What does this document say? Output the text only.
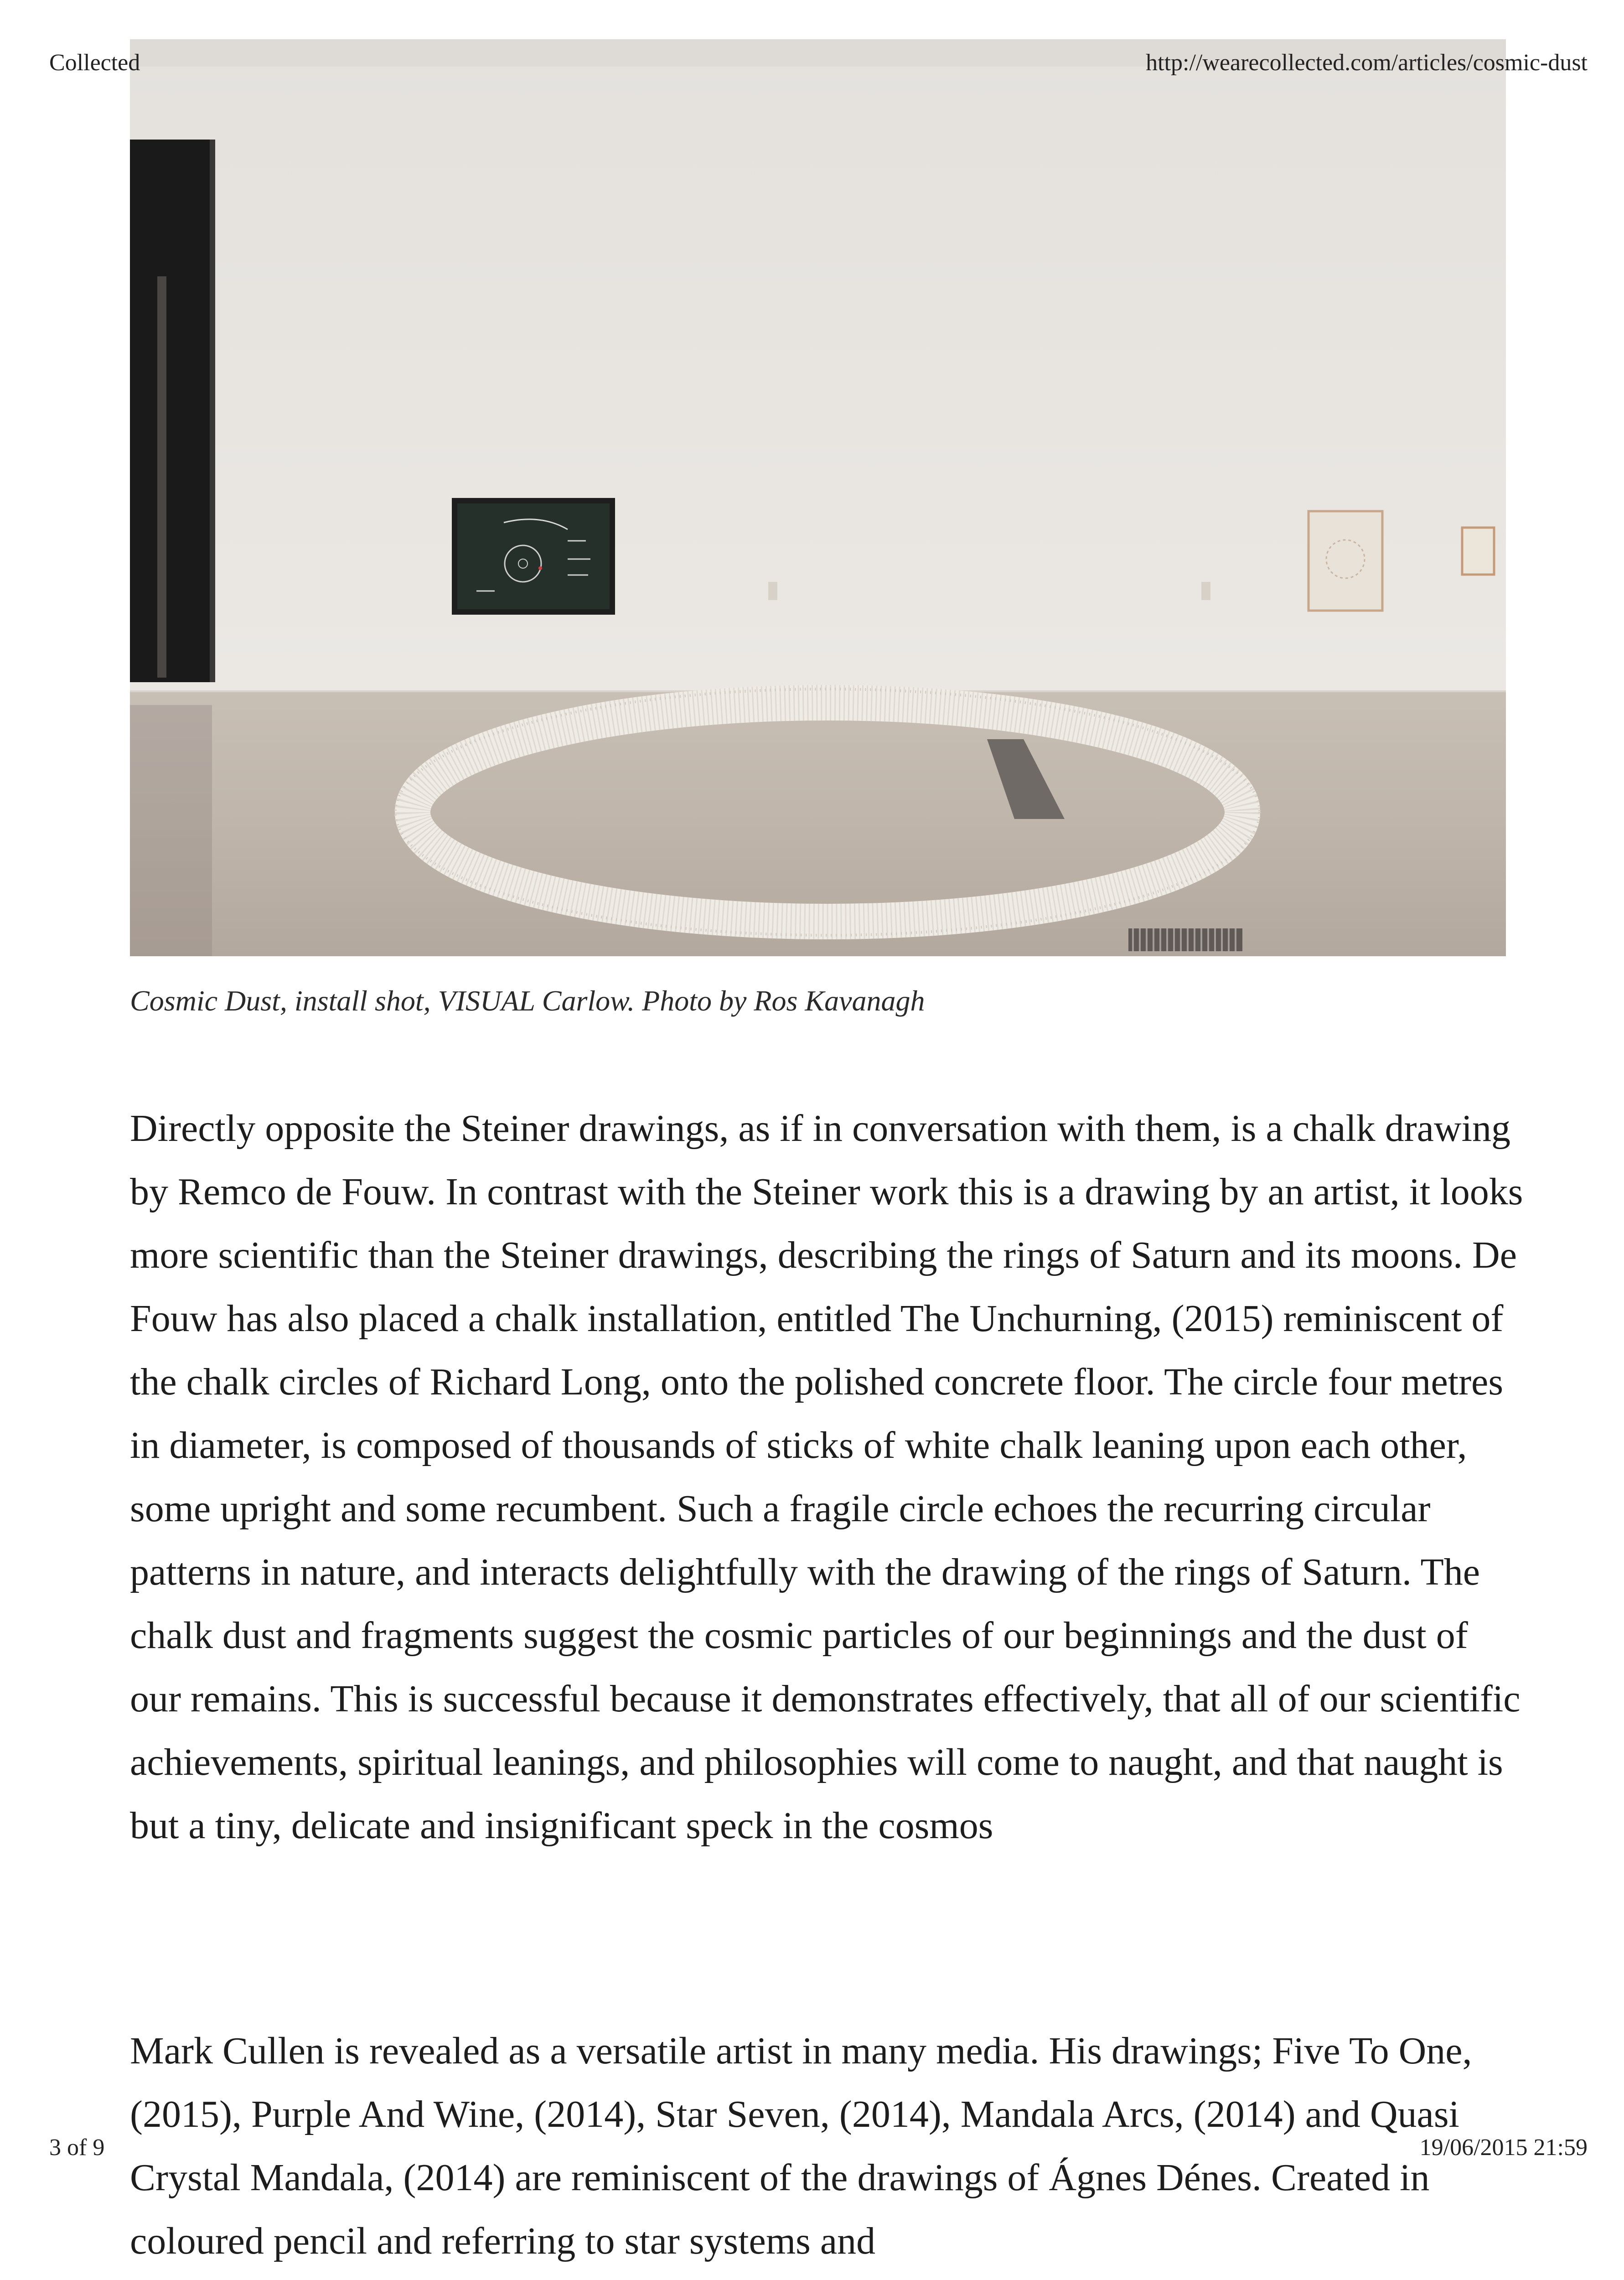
Collected	http://wearecollected.com/articles/cosmic-dust
Cosmic Dust, install shot, VISUAL Carlow. Photo by Ros Kavanagh

Directly opposite the Steiner drawings, as if in conversation with them, is a chalk drawing by Remco de Fouw. In contrast with the Steiner work this is a drawing by an artist, it looks more scientific than the Steiner drawings, describing the rings of Saturn and its moons. De Fouw has also placed a chalk installation, entitled The Unchurning, (2015) reminiscent of the chalk circles of Richard Long, onto the polished concrete floor. The circle four metres in diameter, is composed of thousands of sticks of white chalk leaning upon each other, some upright and some recumbent. Such a fragile circle echoes the recurring circular patterns in nature, and interacts delightfully with the drawing of the rings of Saturn. The chalk dust and fragments suggest the cosmic particles of our beginnings and the dust of our remains. This is successful because it demonstrates effectively, that all of our scientific achievements, spiritual leanings, and philosophies will come to naught, and that naught is but a tiny, delicate and insignificant speck in the cosmos

Mark Cullen is revealed as a versatile artist in many media. His drawings; Five To One, (2015), Purple And Wine, (2014), Star Seven, (2014), Mandala Arcs, (2014) and Quasi Crystal Mandala, (2014) are reminiscent of the drawings of Ágnes Dénes. Created in coloured pencil and referring to star systems and

3 of 9	19/06/2015 21:59
